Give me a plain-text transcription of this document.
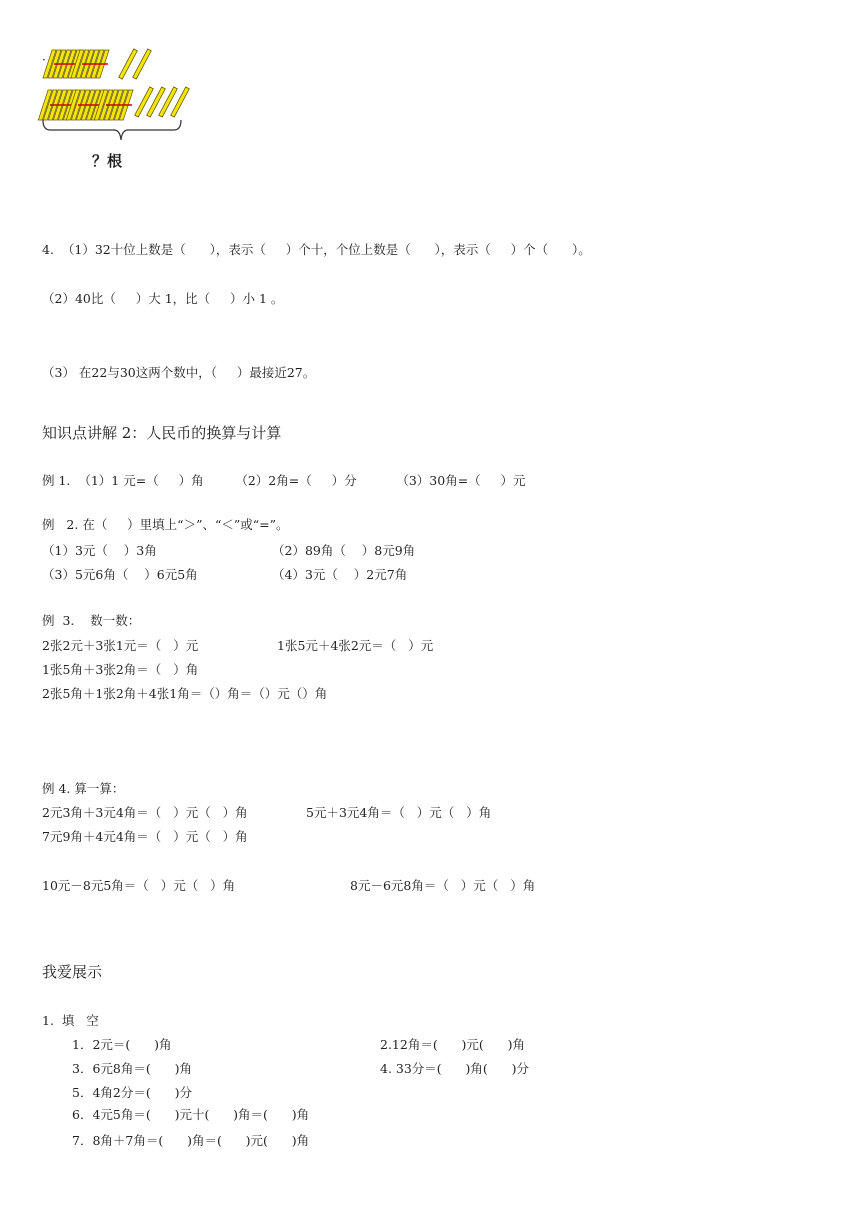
·
？根
4.  （1）32十位上数是（      ），表示（     ）个十，个位上数是（      ），表示（     ）个（      ）。
（2）40比（     ）大 1，比（     ）小 1 。
（3） 在22与30这两个数中，（     ）最接近27。
知识点讲解 2：人民币的换算与计算
例 1.  （1）1 元=（     ）角        （2）2角=（     ）分          （3）30角=（     ）元
例   2. 在（     ）里填上“＞”、“＜”或“=”。
（1）3元（    ）3角	（2）89角（    ）8元9角
（3）5元6角（    ）6元5角	（4）3元（    ）2元7角
例  3.    数一数：
2张2元＋3张1元＝（   ）元	1张5元＋4张2元＝（   ）元
1张5角＋3张2角＝（   ）角
2张5角＋1张2角＋4张1角＝（）角＝（）元（）角
例 4. 算一算：
2元3角＋3元4角＝（   ）元（   ）角	5元＋3元4角＝（   ）元（   ）角
7元9角＋4元4角＝（   ）元（   ）角
10元－8元5角＝（   ）元（   ）角	8元－6元8角＝（   ）元（   ）角
我爱展示
1.  填   空
1．2元＝(      )角	2.12角＝(      )元(      )角
3．6元8角＝(      )角	4. 33分＝(      )角(      )分
5．4角2分＝(      )分
6．4元5角＝(      )元十(      )角＝(      )角
7．8角＋7角＝(      )角＝(      )元(      )角
